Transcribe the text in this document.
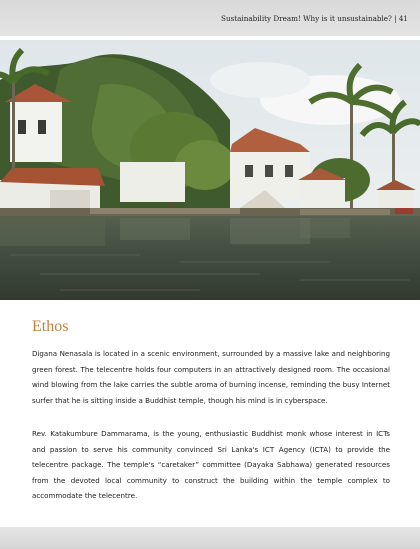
Sustainability Dream! Why is it unsustainable? | 41
Ethos

Digana Nenasala is located in a scenic environment, surrounded by a massive lake and neighboring green forest. The telecentre holds four computers in an attractively designed room. The occasional wind blowing from the lake carries the subtle aroma of burning incense, reminding the busy Internet surfer that he is sitting inside a Buddhist temple, though his mind is in cyberspace.

Rev. Katakumbure Dammarama, is the young, enthusiastic Buddhist monk whose interest in ICTs and passion to serve his community convinced Sri Lanka's ICT Agency (ICTA) to provide the telecentre package. The temple's “caretaker” committee (Dayaka Sabhawa) generated resources from the devoted local community to construct the building within the temple complex to accommodate the telecentre.
